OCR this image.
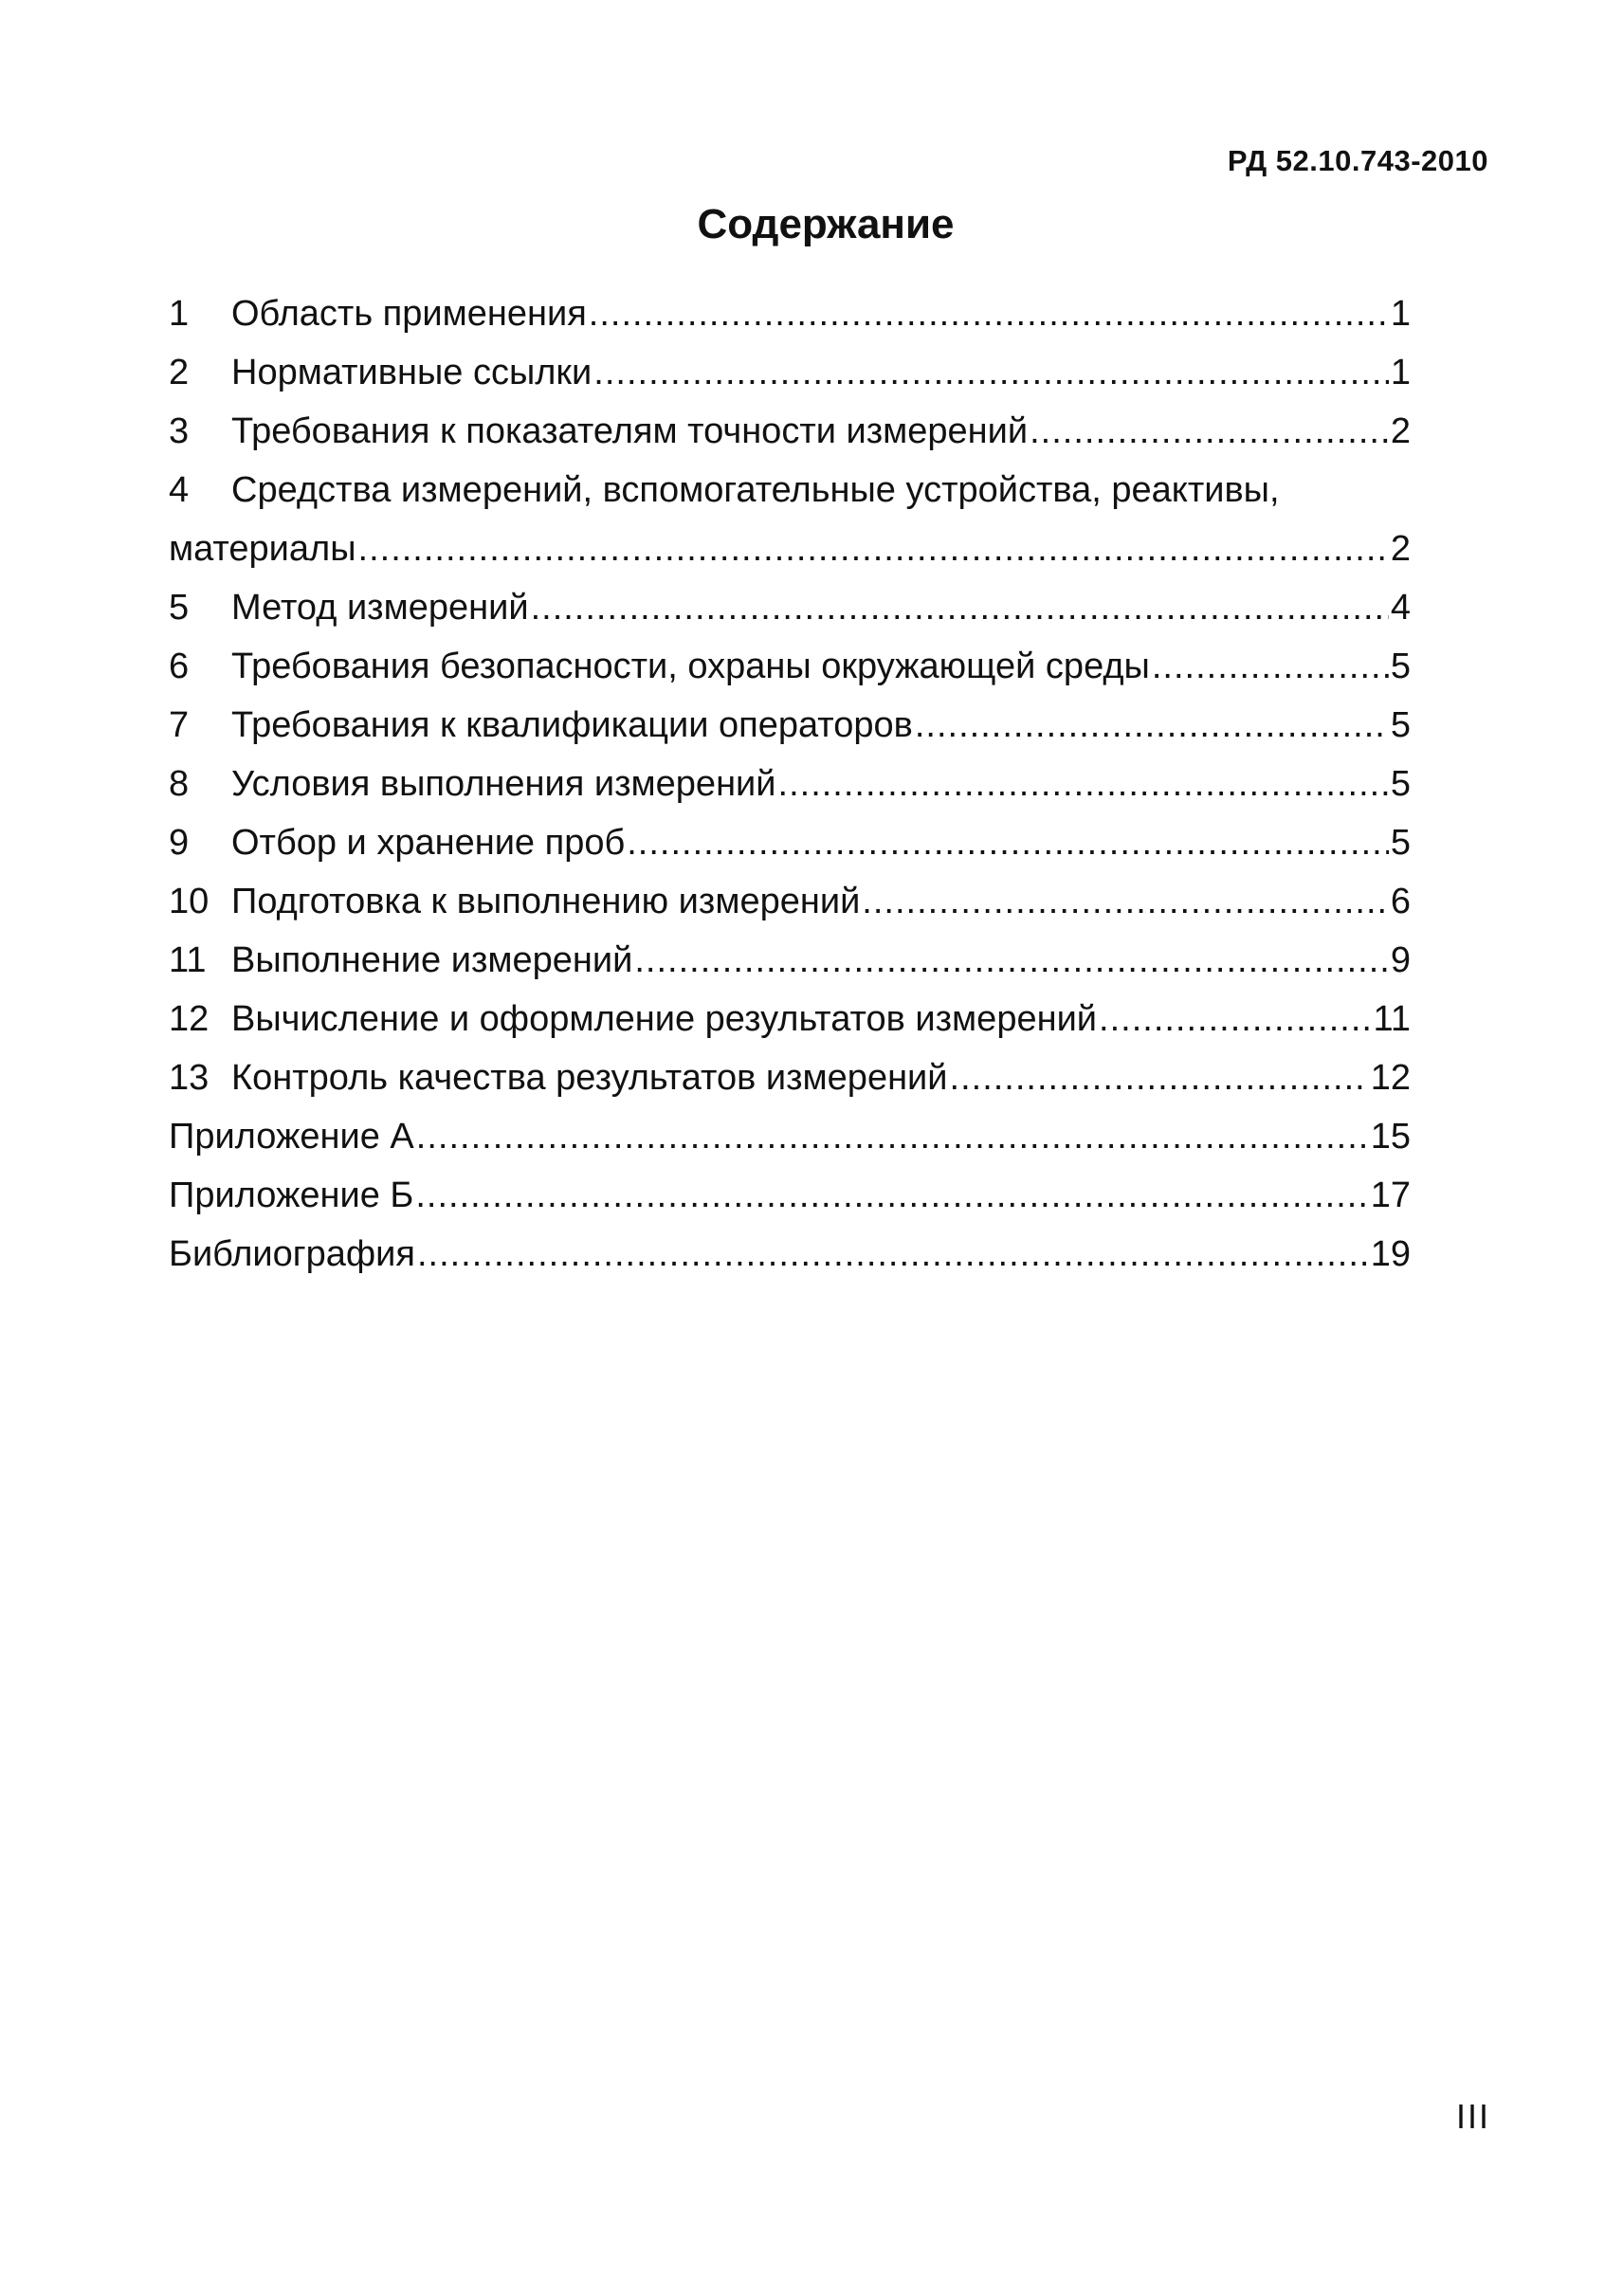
РД 52.10.743-2010
Содержание
1	Область применения .....	1
2	Нормативные ссылки .....	1
3	Требования к показателям точности измерений .....	2
4 Средства измерений, вспомогательные устройства, реактивы,
материалы .....	2
5	Метод измерений .....	4
6	Требования безопасности, охраны окружающей среды .....	5
7	Требования к квалификации операторов .....	5
8	Условия выполнения измерений .....	5
9	Отбор и хранение проб .....	5
10 Подготовка к выполнению измерений .....	6
11 Выполнение измерений .....	9
12 Вычисление и оформление результатов измерений .....	11
13 Контроль качества результатов измерений .....	12
Приложение А .....	15
Приложение Б .....	17
Библиография .....	19
III
